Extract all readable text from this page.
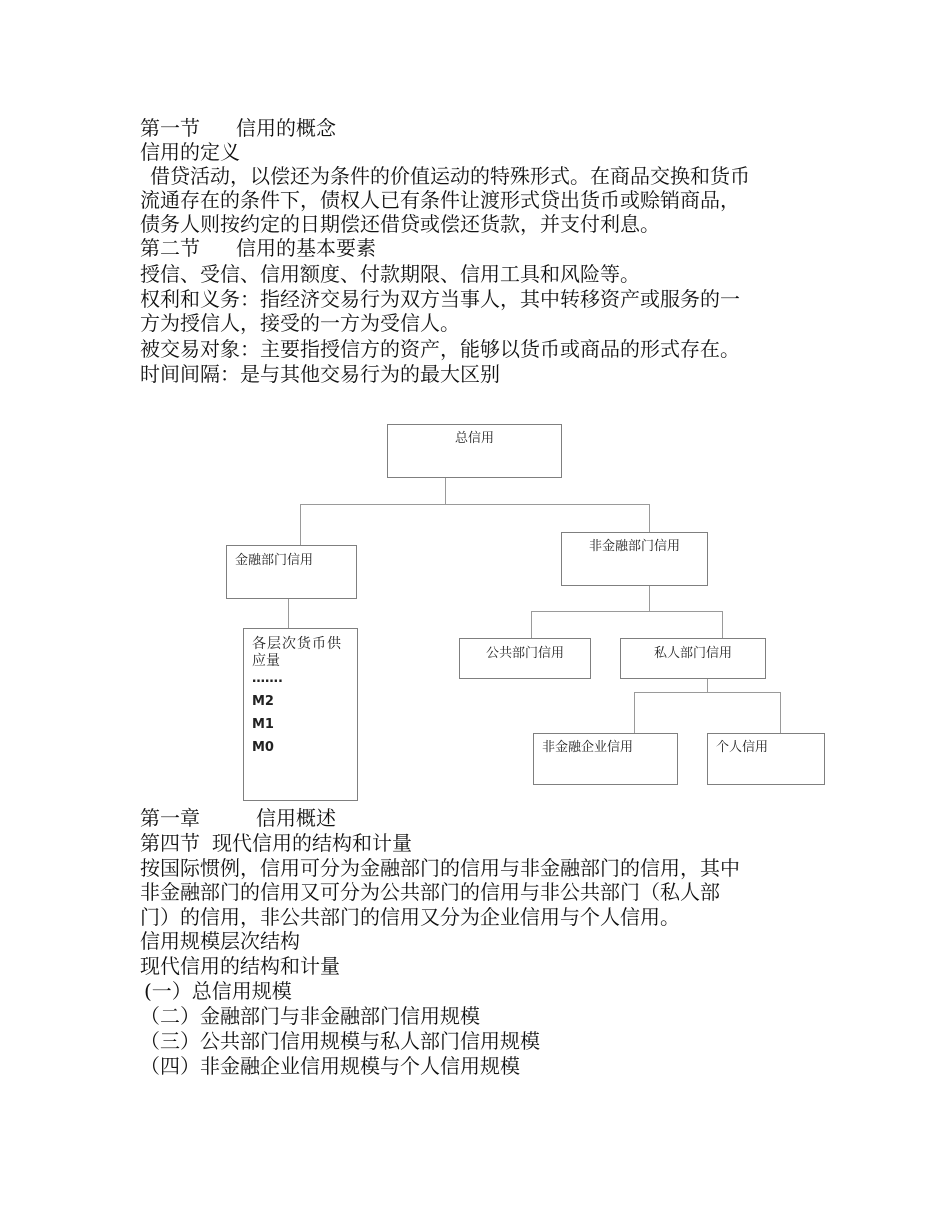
第一节 信用的概念
信用的定义
借贷活动，以偿还为条件的价值运动的特殊形式。在商品交换和货币
流通存在的条件下，债权人已有条件让渡形式贷出货币或赊销商品，
债务人则按约定的日期偿还借贷或偿还货款，并支付利息。
第二节 信用的基本要素
授信、受信、信用额度、付款期限、信用工具和风险等。
权利和义务：指经济交易行为双方当事人，其中转移资产或服务的一
方为授信人，接受的一方为受信人。
被交易对象：主要指授信方的资产，能够以货币或商品的形式存在。
时间间隔：是与其他交易行为的最大区别
总信用
金融部门信用
非金融部门信用
各层次货币供
应量
…….
M2
M1
M0
公共部门信用	私人部门信用
非金融企业信用	个人信用
第一章	信用概述
第四节 现代信用的结构和计量
按国际惯例，信用可分为金融部门的信用与非金融部门的信用，其中
非金融部门的信用又可分为公共部门的信用与非公共部门（私人部
门）的信用，非公共部门的信用又分为企业信用与个人信用。
信用规模层次结构
现代信用的结构和计量
(一）总信用规模
（二）金融部门与非金融部门信用规模
（三）公共部门信用规模与私人部门信用规模
（四）非金融企业信用规模与个人信用规模
